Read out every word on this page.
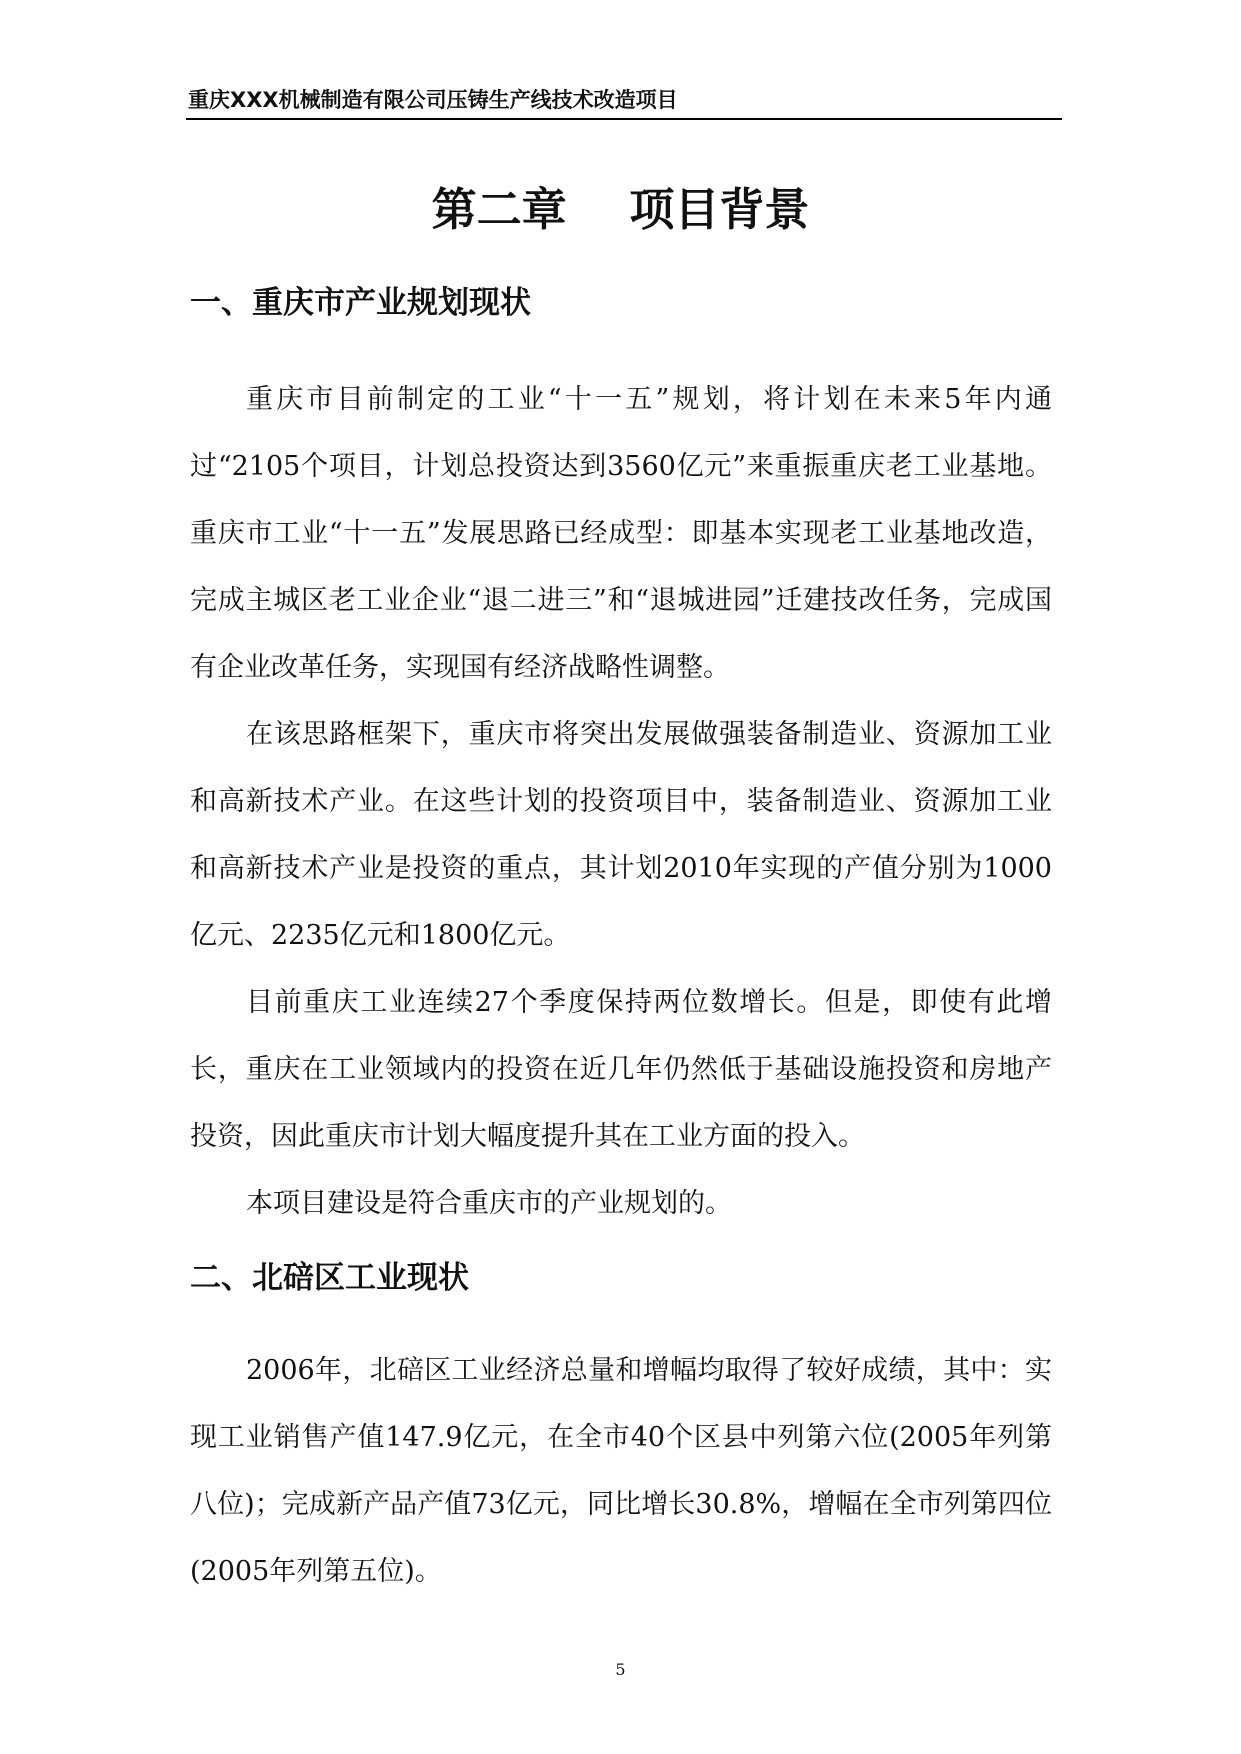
重庆XXX机械制造有限公司压铸生产线技术改造项目
第二章    项目背景
一、重庆市产业规划现状

重庆市目前制定的工业“十一五”规划，将计划在未来5年内通过“2105个项目，计划总投资达到3560亿元”来重振重庆老工业基地。重庆市工业“十一五”发展思路已经成型：即基本实现老工业基地改造，完成主城区老工业企业“退二进三”和“退城进园”迁建技改任务，完成国有企业改革任务，实现国有经济战略性调整。

在该思路框架下，重庆市将突出发展做强装备制造业、资源加工业和高新技术产业。在这些计划的投资项目中，装备制造业、资源加工业和高新技术产业是投资的重点，其计划2010年实现的产值分别为1000亿元、2235亿元和1800亿元。

目前重庆工业连续27个季度保持两位数增长。但是，即使有此增长，重庆在工业领域内的投资在近几年仍然低于基础设施投资和房地产投资，因此重庆市计划大幅度提升其在工业方面的投入。

本项目建设是符合重庆市的产业规划的。

二、北碚区工业现状

2006年，北碚区工业经济总量和增幅均取得了较好成绩，其中：实现工业销售产值147.9亿元，在全市40个区县中列第六位(2005年列第八位)；完成新产品产值73亿元，同比增长30.8%，增幅在全市列第四位(2005年列第五位)。

5
